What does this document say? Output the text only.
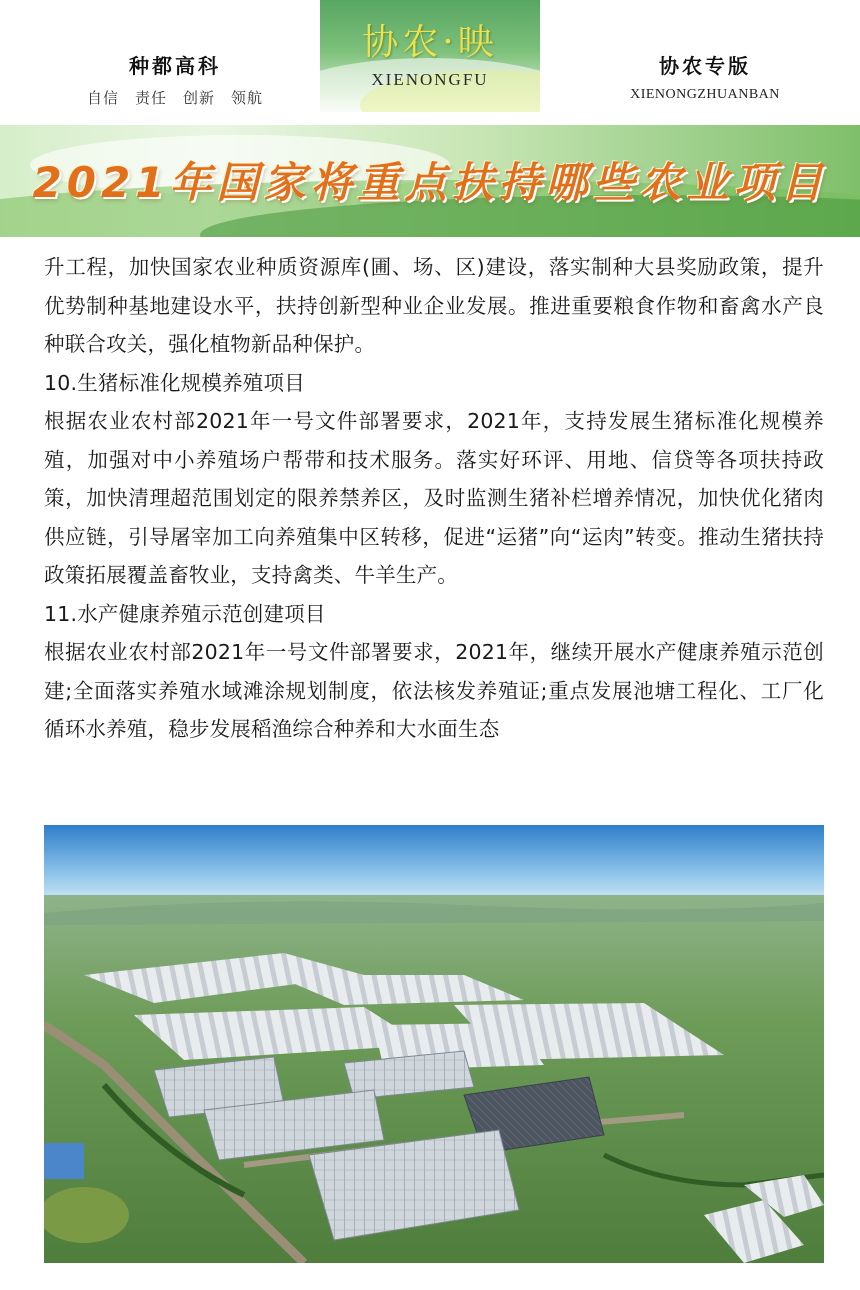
种都高科
自信　责任　创新　领航
协农·映
XIENONGFU
协农专版
XIENONGZHUANBAN
2021年国家将重点扶持哪些农业项目

升工程，加快国家农业种质资源库(圃、场、区)建设，落实制种大县奖励政策，提升优势制种基地建设水平，扶持创新型种业企业发展。推进重要粮食作物和畜禽水产良种联合攻关，强化植物新品种保护。

10.生猪标准化规模养殖项目

根据农业农村部2021年一号文件部署要求，2021年，支持发展生猪标准化规模养殖，加强对中小养殖场户帮带和技术服务。落实好环评、用地、信贷等各项扶持政策，加快清理超范围划定的限养禁养区，及时监测生猪补栏增养情况，加快优化猪肉供应链，引导屠宰加工向养殖集中区转移，促进“运猪”向“运肉”转变。推动生猪扶持政策拓展覆盖畜牧业，支持禽类、牛羊生产。

11.水产健康养殖示范创建项目

根据农业农村部2021年一号文件部署要求，2021年，继续开展水产健康养殖示范创建;全面落实养殖水域滩涂规划制度，依法核发养殖证;重点发展池塘工程化、工厂化循环水养殖，稳步发展稻渔综合种养和大水面生态
